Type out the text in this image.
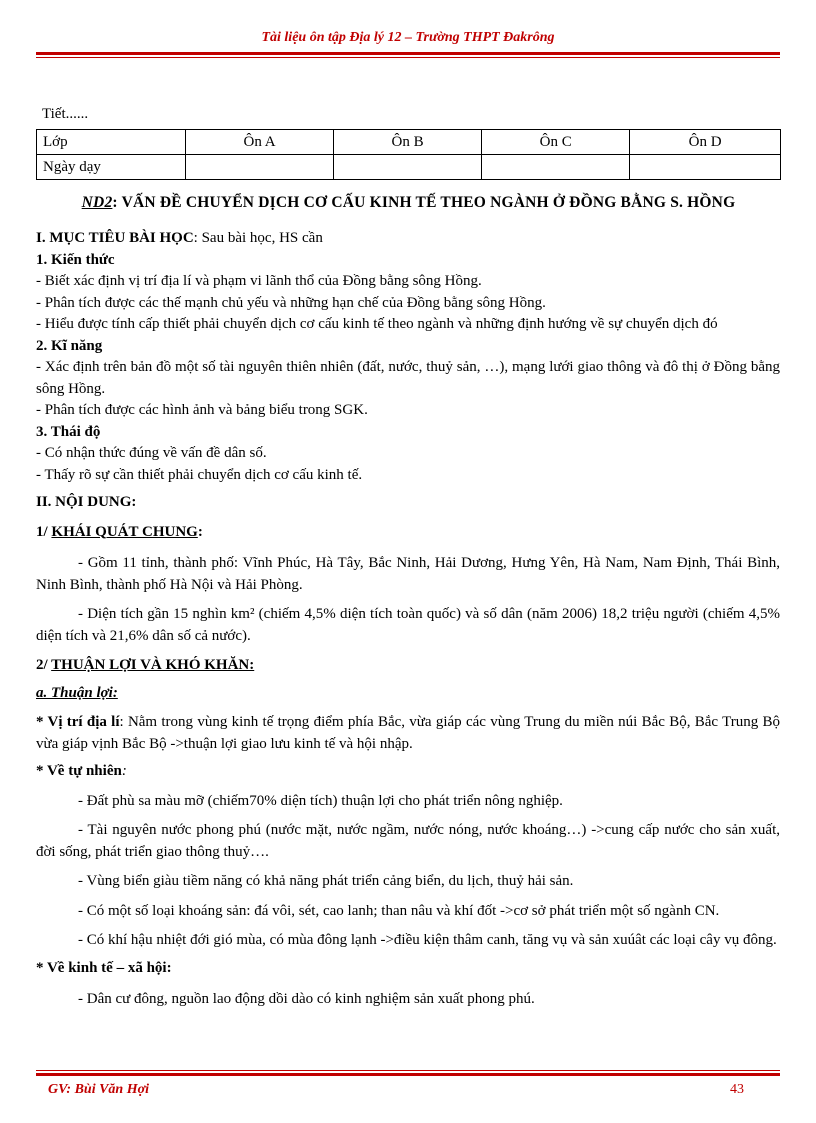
Tài liệu ôn tập Địa lý 12 – Trường THPT Đakrông
Tiết......
Lớp	Ôn A	Ôn B	Ôn C	Ôn D
Ngày dạy				
ND2: VẤN ĐỀ CHUYỂN DỊCH CƠ CẤU KINH TẾ THEO NGÀNH Ở ĐỒNG BẰNG S. HỒNG

I. MỤC TIÊU BÀI HỌC: Sau bài học, HS cần

1. Kiến thức

- Biết xác định vị trí địa lí và phạm vi lãnh thổ của Đồng bằng sông Hồng.

- Phân tích được các thế mạnh chủ yếu và những hạn chế của Đồng bằng sông Hồng.

- Hiểu được tính cấp thiết phải chuyển dịch cơ cấu kinh tế theo ngành và những định hướng về sự chuyển dịch đó

2. Kĩ năng

- Xác định trên bản đồ một số tài nguyên thiên nhiên (đất, nước, thuỷ sản, …), mạng lưới giao thông và đô thị ở Đồng bằng sông Hồng.

- Phân tích được các hình ảnh và bảng biểu trong SGK.

3. Thái độ

- Có nhận thức đúng về vấn đề dân số.

- Thấy rõ sự cần thiết phải chuyển dịch cơ cấu kinh tế.

II. NỘI DUNG:

1/ KHÁI QUÁT CHUNG:

- Gồm 11 tỉnh, thành phố: Vĩnh Phúc, Hà Tây, Bắc Ninh, Hải Dương, Hưng Yên, Hà Nam, Nam Định, Thái Bình, Ninh Bình, thành phố Hà Nội và Hải Phòng.

- Diện tích gần 15 nghìn km² (chiếm 4,5% diện tích toàn quốc) và số dân (năm 2006) 18,2 triệu người (chiếm 4,5% diện tích và 21,6% dân số cả nước).

2/ THUẬN LỢI VÀ KHÓ KHĂN:

a. Thuận lợi:

* Vị trí địa lí: Nằm trong vùng kinh tế trọng điểm phía Bắc, vừa giáp các vùng Trung du miền núi Bắc Bộ, Bắc Trung Bộ vừa giáp vịnh Bắc Bộ ->thuận lợi giao lưu kinh tế và hội nhập.

* Về tự nhiên:

- Đất phù sa màu mỡ (chiếm70% diện tích) thuận lợi cho phát triển nông nghiệp.

- Tài nguyên nước phong phú (nước mặt, nước ngầm, nước nóng, nước khoáng…) ->cung cấp nước cho sản xuất, đời sống, phát triển giao thông thuỷ….

- Vùng biển giàu tiềm năng có khả năng phát triển cảng biển, du lịch, thuỷ hải sản.

- Có một số loại khoáng sản: đá vôi, sét, cao lanh; than nâu và khí đốt ->cơ sở phát triển một số ngành CN.

- Có khí hậu nhiệt đới gió mùa, có mùa đông lạnh ->điều kiện thâm canh, tăng vụ và sản xuúât các loại cây vụ đông.

* Về kinh tế – xã hội:

- Dân cư đông, nguồn lao động dồi dào có kinh nghiệm sản xuất phong phú.

GV: Bùi Văn Hợi	43
